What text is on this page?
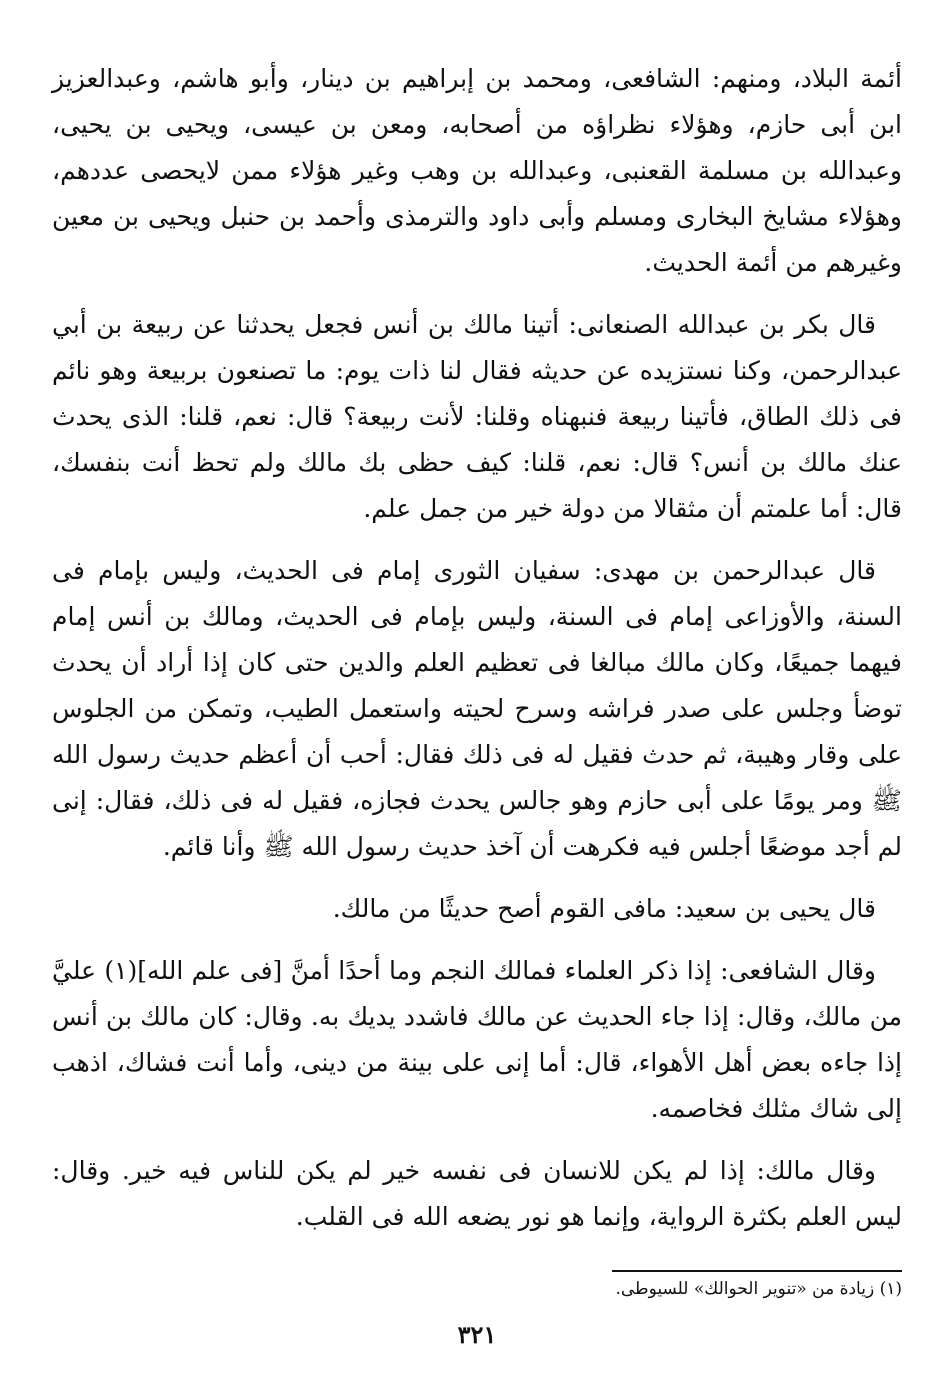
أئمة البلاد، ومنهم: الشافعى، ومحمد بن إبراهيم بن دينار، وأبو هاشم، وعبدالعزيز ابن أبى حازم، وهؤلاء نظراؤه من أصحابه، ومعن بن عيسى، ويحيى بن يحيى، وعبدالله بن مسلمة القعنبى، وعبدالله بن وهب وغير هؤلاء ممن لايحصى عددهم، وهؤلاء مشايخ البخارى ومسلم وأبى داود والترمذى وأحمد بن حنبل ويحيى بن معين وغيرهم من أئمة الحديث.

قال بكر بن عبدالله الصنعانى: أتينا مالك بن أنس فجعل يحدثنا عن ربيعة بن أبي عبدالرحمن، وكنا نستزيده عن حديثه فقال لنا ذات يوم: ما تصنعون بربيعة وهو نائم فى ذلك الطاق، فأتينا ربيعة فنبهناه وقلنا: لأنت ربيعة؟ قال: نعم، قلنا: الذى يحدث عنك مالك بن أنس؟ قال: نعم، قلنا: كيف حظى بك مالك ولم تحظ أنت بنفسك، قال: أما علمتم أن مثقالا من دولة خير من جمل علم.

قال عبدالرحمن بن مهدى: سفيان الثورى إمام فى الحديث، وليس بإمام فى السنة، والأوزاعى إمام فى السنة، وليس بإمام فى الحديث، ومالك بن أنس إمام فيهما جميعًا، وكان مالك مبالغا فى تعظيم العلم والدين حتى كان إذا أراد أن يحدث توضأ وجلس على صدر فراشه وسرح لحيته واستعمل الطيب، وتمكن من الجلوس على وقار وهيبة، ثم حدث فقيل له فى ذلك فقال: أحب أن أعظم حديث رسول الله ﷺ ومر يومًا على أبى حازم وهو جالس يحدث فجازه، فقيل له فى ذلك، فقال: إنى لم أجد موضعًا أجلس فيه فكرهت أن آخذ حديث رسول الله ﷺ وأنا قائم.

قال يحيى بن سعيد: مافى القوم أصح حديثًا من مالك.

وقال الشافعى: إذا ذكر العلماء فمالك النجم وما أحدًا أمنَّ [فى علم الله](١) عليَّ من مالك، وقال: إذا جاء الحديث عن مالك فاشدد يديك به. وقال: كان مالك بن أنس إذا جاءه بعض أهل الأهواء، قال: أما إنى على بينة من دينى، وأما أنت فشاك، اذهب إلى شاك مثلك فخاصمه.

وقال مالك: إذا لم يكن للانسان فى نفسه خير لم يكن للناس فيه خير. وقال: ليس العلم بكثرة الرواية، وإنما هو نور يضعه الله فى القلب.

(١) زيادة من «تنوير الحوالك» للسيوطى.
٣٢١
